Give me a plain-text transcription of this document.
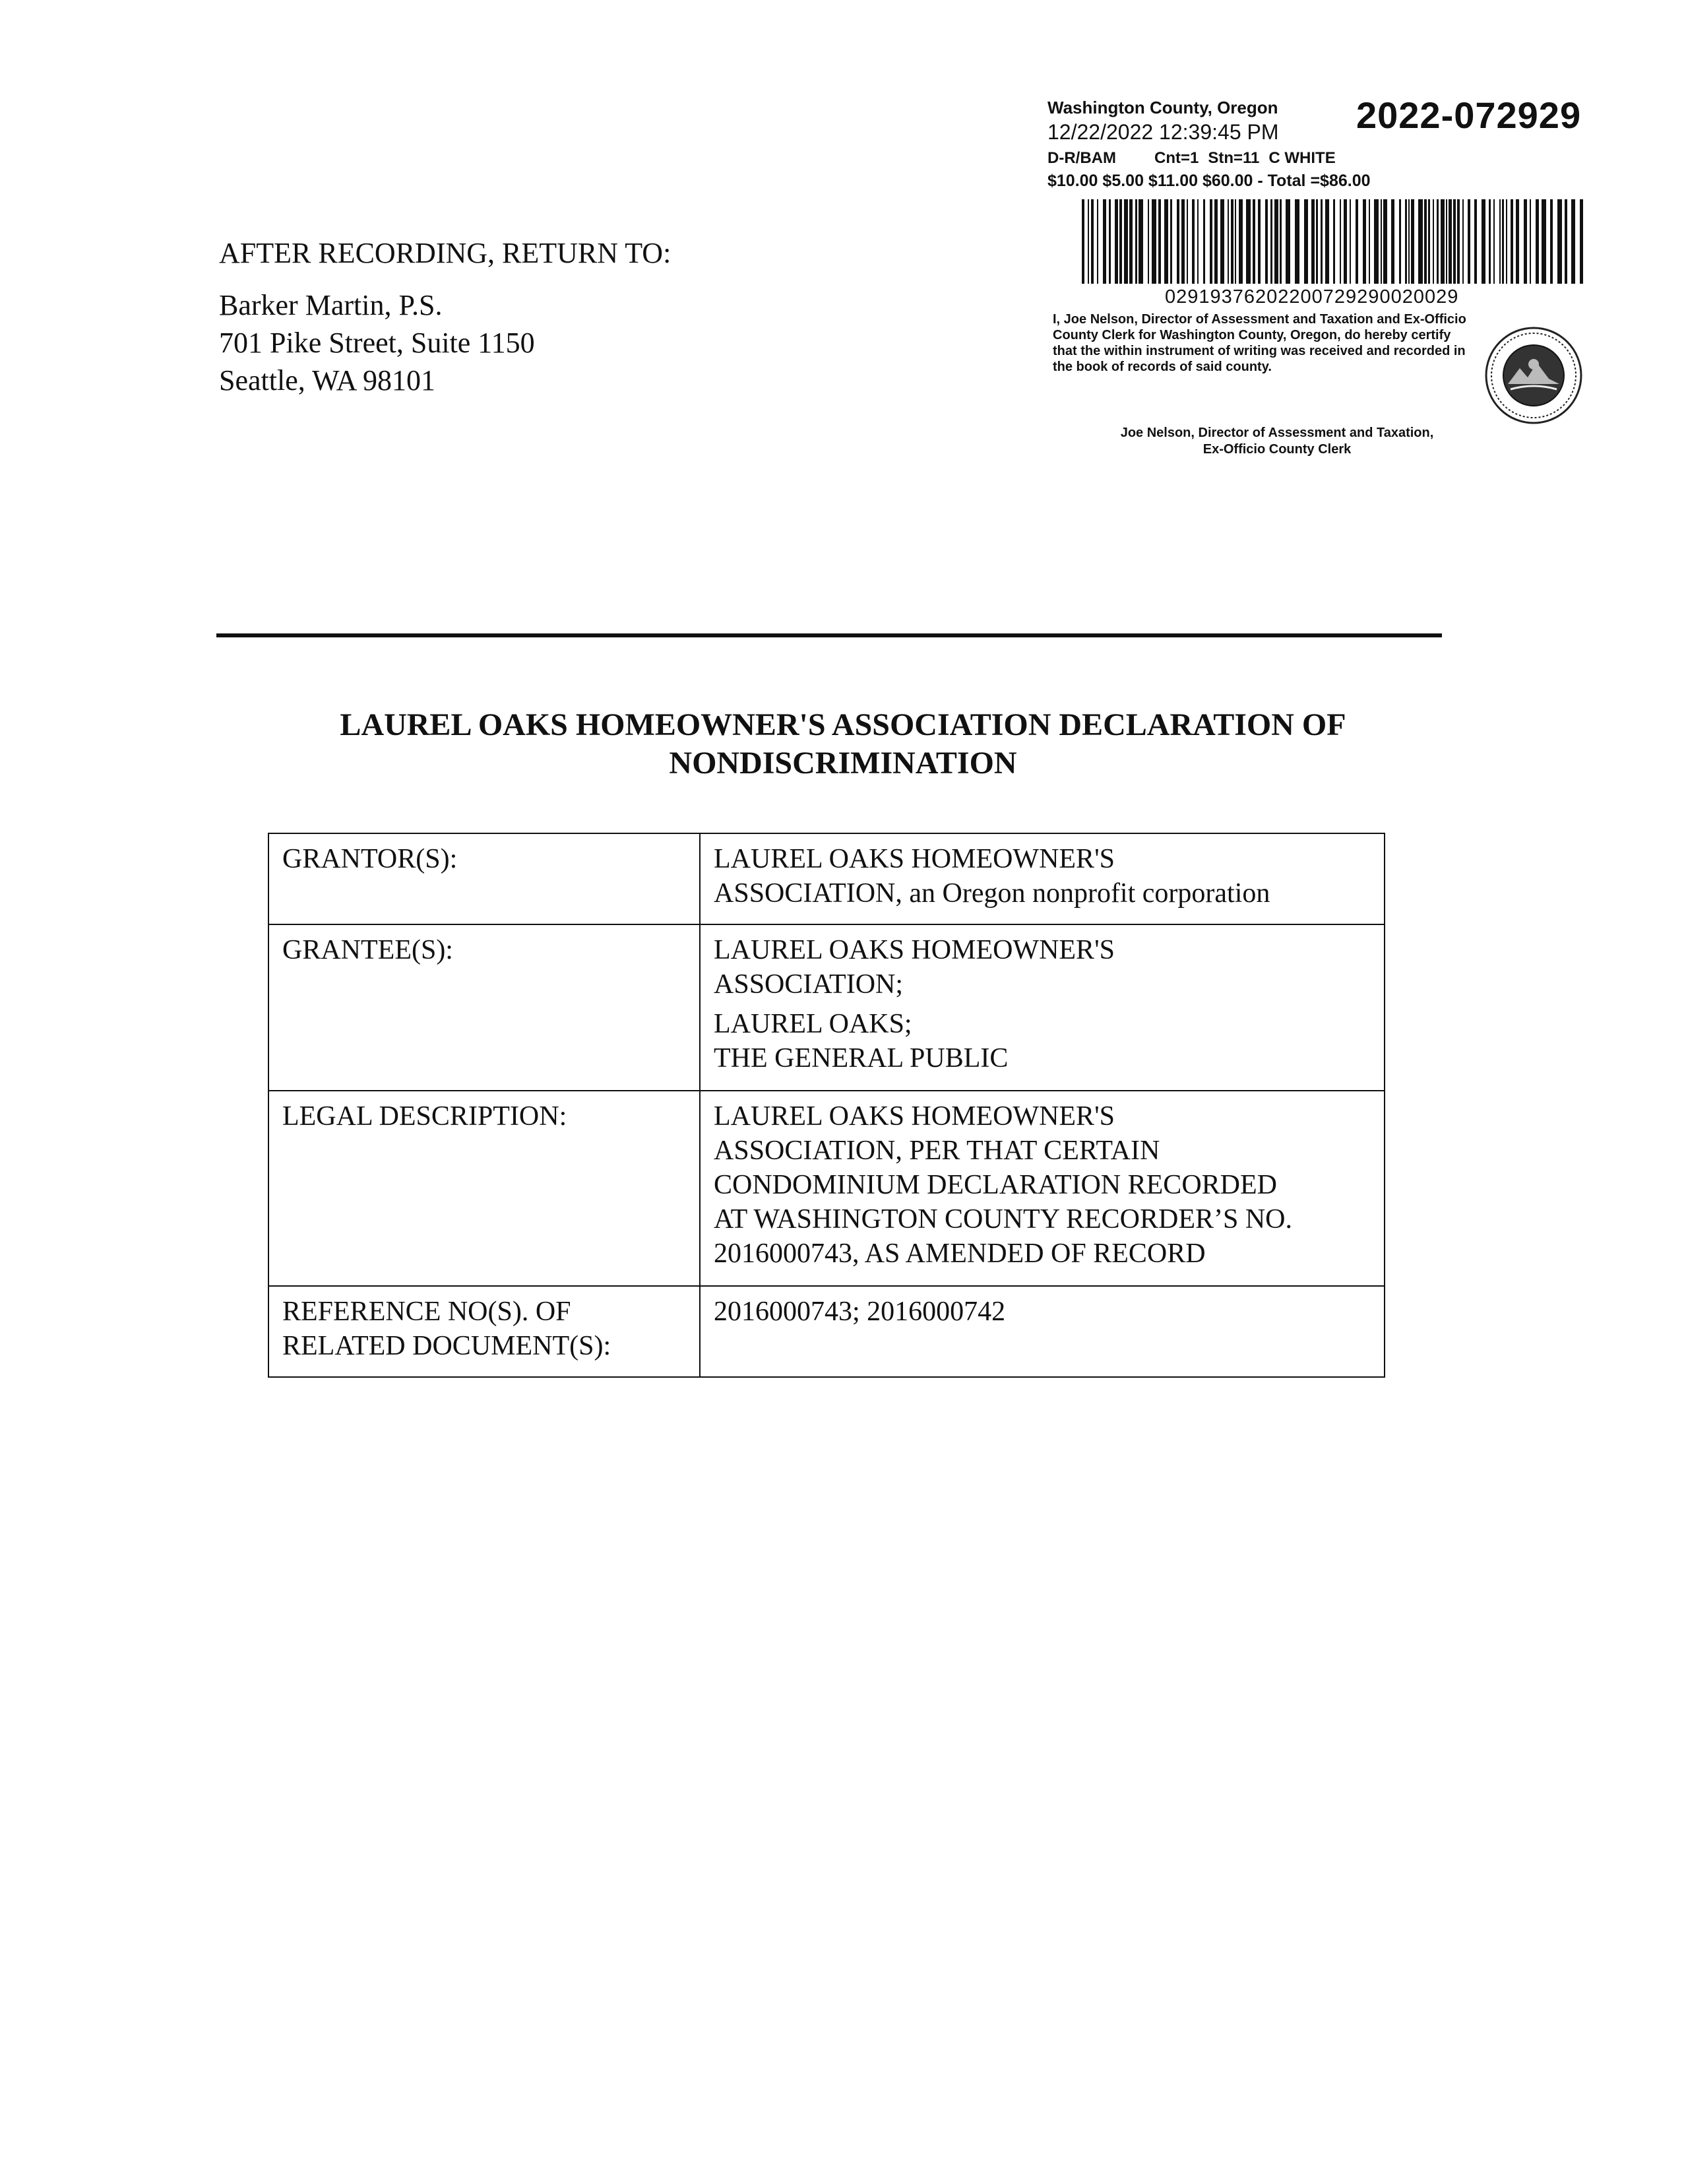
AFTER RECORDING, RETURN TO:
Barker Martin, P.S.
701 Pike Street, Suite 1150
Seattle, WA 98101
Washington County, Oregon 2022-072929
12/22/2022 12:39:45 PM
D-R/BAM Cnt=1 Stn=11 C WHITE
$10.00 $5.00 $11.00 $60.00 - Total =$86.00
02919376202200729290020029
I, Joe Nelson, Director of Assessment and Taxation and Ex-Officio County Clerk for Washington County, Oregon, do hereby certify that the within instrument of writing was received and recorded in the book of records of said county.
Joe Nelson, Director of Assessment and Taxation,
Ex-Officio County Clerk
LAUREL OAKS HOMEOWNER'S ASSOCIATION DECLARATION OF
NONDISCRIMINATION
GRANTOR(S):	LAUREL OAKS HOMEOWNER'S
ASSOCIATION, an Oregon nonprofit corporation

GRANTEE(S):	LAUREL OAKS HOMEOWNER'S
ASSOCIATION;
LAUREL OAKS;
THE GENERAL PUBLIC

LEGAL DESCRIPTION:	LAUREL OAKS HOMEOWNER'S
ASSOCIATION, PER THAT CERTAIN
CONDOMINIUM DECLARATION RECORDED
AT WASHINGTON COUNTY RECORDER’S NO.
2016000743, AS AMENDED OF RECORD

REFERENCE NO(S). OF
RELATED DOCUMENT(S):	2016000743; 2016000742
